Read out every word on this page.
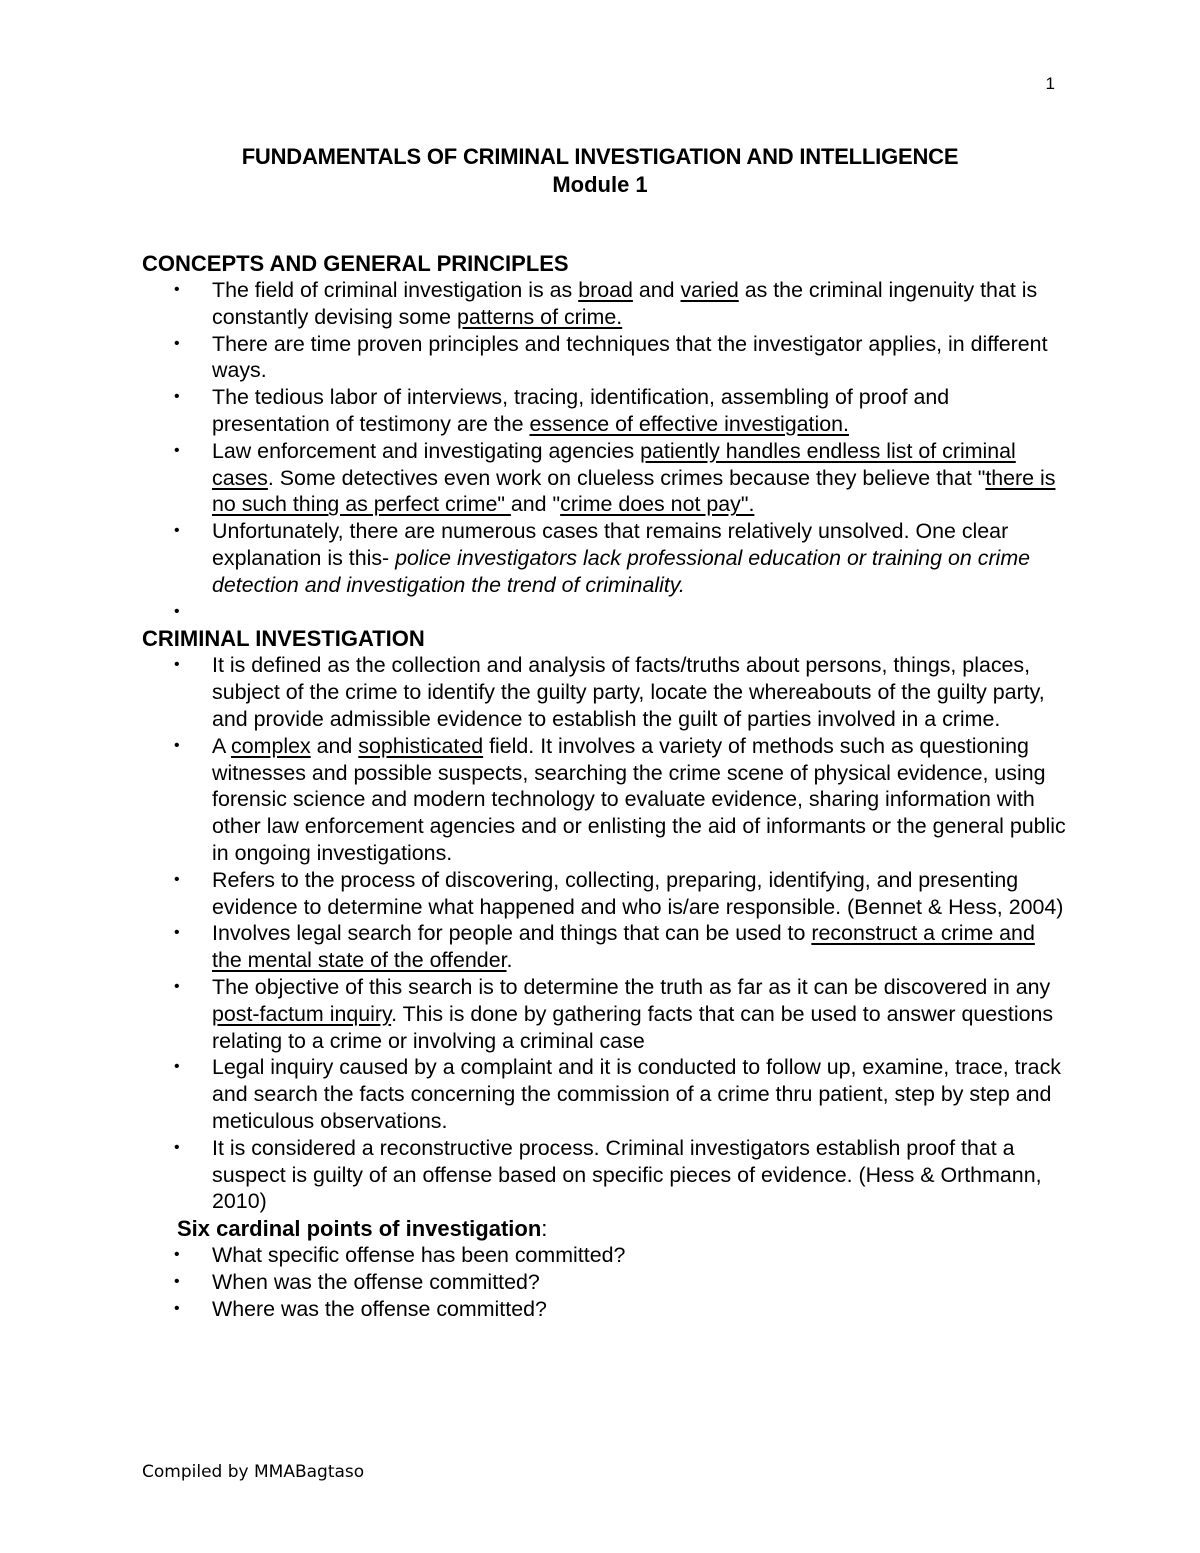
1
FUNDAMENTALS OF CRIMINAL INVESTIGATION AND INTELLIGENCE
Module 1
CONCEPTS AND GENERAL PRINCIPLES
• The field of criminal investigation is as broad and varied as the criminal ingenuity that is constantly devising some patterns of crime.
• There are time proven principles and techniques that the investigator applies, in different ways.
• The tedious labor of interviews, tracing, identification, assembling of proof and presentation of testimony are the essence of effective investigation.
• Law enforcement and investigating agencies patiently handles endless list of criminal cases. Some detectives even work on clueless crimes because they believe that "there is no such thing as perfect crime" and "crime does not pay".
• Unfortunately, there are numerous cases that remains relatively unsolved. One clear explanation is this- police investigators lack professional education or training on crime detection and investigation the trend of criminality.
•

CRIMINAL INVESTIGATION
• It is defined as the collection and analysis of facts/truths about persons, things, places, subject of the crime to identify the guilty party, locate the whereabouts of the guilty party, and provide admissible evidence to establish the guilt of parties involved in a crime.
• A complex and sophisticated field. It involves a variety of methods such as questioning witnesses and possible suspects, searching the crime scene of physical evidence, using forensic science and modern technology to evaluate evidence, sharing information with other law enforcement agencies and or enlisting the aid of informants or the general public in ongoing investigations.
• Refers to the process of discovering, collecting, preparing, identifying, and presenting evidence to determine what happened and who is/are responsible. (Bennet & Hess, 2004)
• Involves legal search for people and things that can be used to reconstruct a crime and the mental state of the offender.
• The objective of this search is to determine the truth as far as it can be discovered in any post-factum inquiry. This is done by gathering facts that can be used to answer questions relating to a crime or involving a criminal case
• Legal inquiry caused by a complaint and it is conducted to follow up, examine, trace, track and search the facts concerning the commission of a crime thru patient, step by step and meticulous observations.
• It is considered a reconstructive process. Criminal investigators establish proof that a suspect is guilty of an offense based on specific pieces of evidence. (Hess & Orthmann, 2010)
Six cardinal points of investigation:
• What specific offense has been committed?
• When was the offense committed?
• Where was the offense committed?
Compiled by MMABagtaso
